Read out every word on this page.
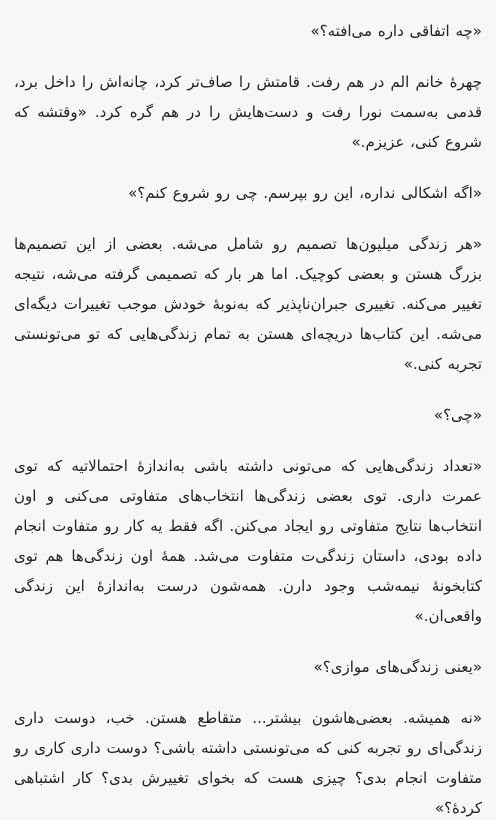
«چه اتفاقی داره می‌افته؟»

چهرهٔ خانم الم در هم رفت. قامتش را صاف‌تر کرد، چانه‌اش را داخل برد، قدمی به‌سمت نورا رفت و دست‌هایش را در هم گره کرد. «وقتشه که شروع کنی، عزیزم.»

«اگه اشکالی نداره، این رو بپرسم. چی رو شروع کنم؟»

«هر زندگی میلیون‌ها تصمیم رو شامل می‌شه. بعضی از این تصمیم‌ها بزرگ هستن و بعضی کوچیک. اما هر بار که تصمیمی گرفته می‌شه، نتیجه تغییر می‌کنه. تغییری جبران‌ناپذیر که به‌نوبهٔ خودش موجب تغییرات دیگه‌ای می‌شه. این کتاب‌ها دریچه‌ای هستن به تمام زندگی‌هایی که تو می‌تونستی تجربه کنی.»

«چی؟»

«تعداد زندگی‌هایی که می‌تونی داشته باشی به‌اندازهٔ احتمالاتیه که توی عمرت داری. توی بعضی زندگی‌ها انتخاب‌های متفاوتی می‌کنی و اون انتخاب‌ها نتایج متفاوتی رو ایجاد می‌کنن. اگه فقط یه کار رو متفاوت انجام داده بودی، داستان زندگی‌ت متفاوت می‌شد. همهٔ اون زندگی‌ها هم توی کتابخونهٔ نیمه‌شب وجود دارن. همه‌شون درست به‌اندازهٔ این زندگی واقعی‌ان.»

«یعنی زندگی‌های موازی؟»

«نه همیشه. بعضی‌هاشون بیشتر... متقاطع هستن. خب، دوست داری زندگی‌ای رو تجربه کنی که می‌تونستی داشته باشی؟ دوست داری کاری رو متفاوت انجام بدی؟ چیزی هست که بخوای تغییرش بدی؟ کار اشتباهی کردهٔ؟»
